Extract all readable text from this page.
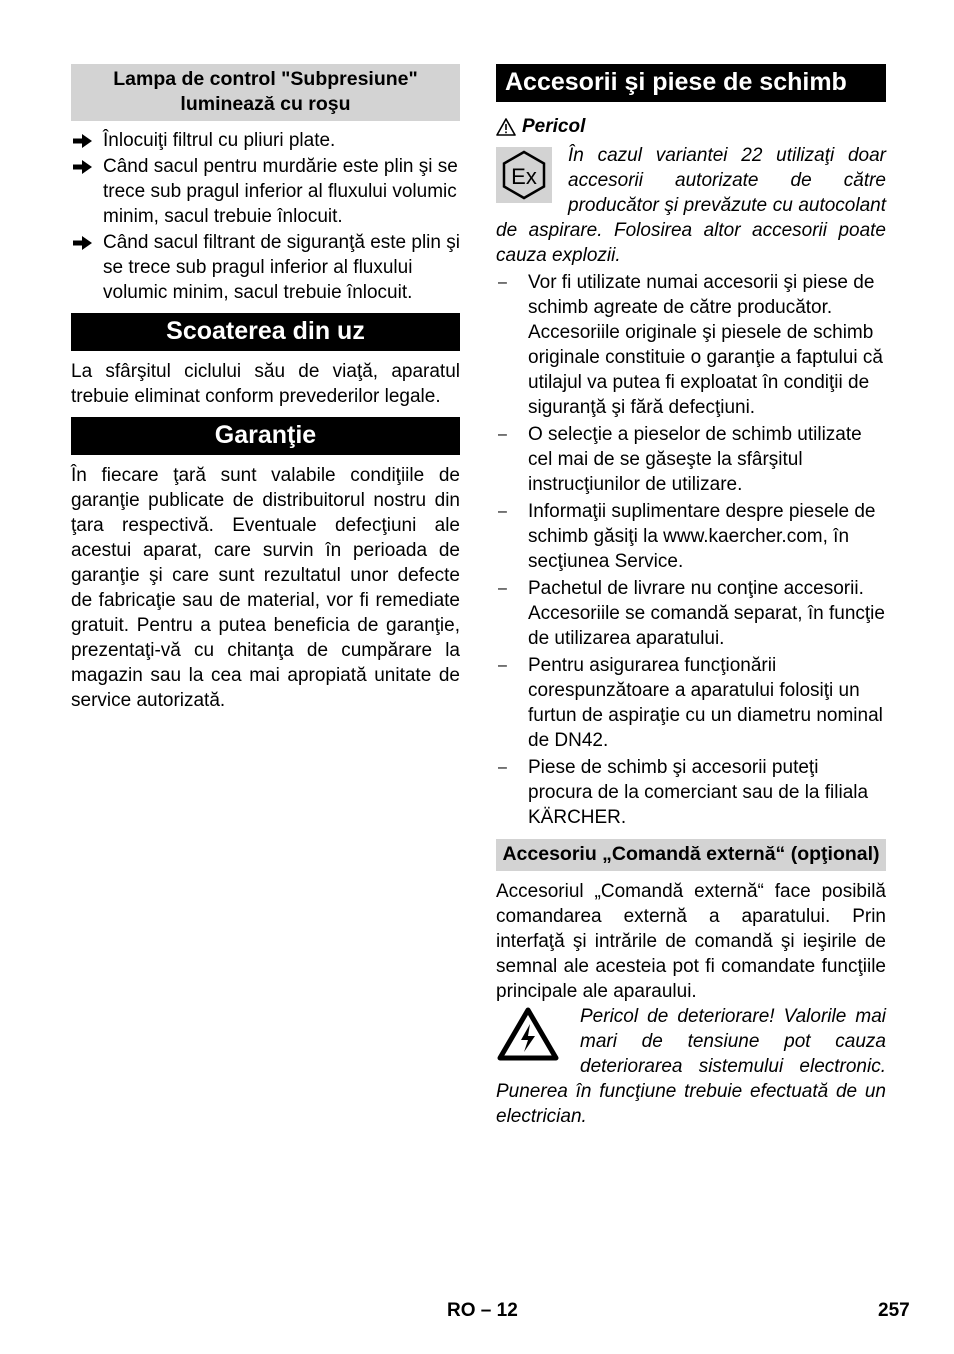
Lampa de control "Subpresiune" luminează cu roşu
Înlocuiţi filtrul cu pliuri plate.
Când sacul pentru murdărie este plin şi se trece sub pragul inferior al fluxului volumic minim, sacul trebuie înlocuit.
Când sacul filtrant de siguranţă este plin şi se trece sub pragul inferior al fluxului volumic minim, sacul trebuie înlocuit.
Scoaterea din uz

La sfârşitul ciclului său de viaţă, aparatul trebuie eliminat conform prevederilor legale.

Garanţie

În fiecare ţară sunt valabile condiţiile de garanţie publicate de distribuitorul nostru din ţara respectivă. Eventuale defecţiuni ale acestui aparat, care survin în perioada de garanţie şi care sunt rezultatul unor defecte de fabricaţie sau de material, vor fi remediate gratuit. Pentru a putea beneficia de garanţie, prezentaţi-vă cu chitanţa de cumpărare la magazin sau la cea mai apropiată unitate de service autorizată.

Accesorii şi piese de schimb
Pericol
Ex

În cazul variantei 22 utilizaţi doar accesorii autorizate de către producător şi prevăzute cu autocolant de aspirare. Folosirea altor accesorii poate cauza explozii.

– Vor fi utilizate numai accesorii şi piese de schimb agreate de către producător. Accesoriile originale şi piesele de schimb originale constituie o garanţie a faptului că utilajul va putea fi exploatat în condiţii de siguranţă şi fără defecţiuni.
– O selecţie a pieselor de schimb utilizate cel mai de se găseşte la sfârşitul instrucţiunilor de utilizare.
– Informaţii suplimentare despre piesele de schimb găsiţi la www.kaercher.com, în secţiunea Service.
– Pachetul de livrare nu conţine accesorii. Accesoriile se comandă separat, în funcţie de utilizarea aparatului.
– Pentru asigurarea funcţionării corespunzătoare a aparatului folosiţi un furtun de aspiraţie cu un diametru nominal de DN42.
– Piese de schimb şi accesorii puteţi procura de la comerciant sau de la filiala KÄRCHER.
Accesoriu „Comandă externă“ (opţional)

Accesoriul „Comandă externă“ face posibilă comandarea externă a aparatului. Prin interfaţă şi intrările de comandă şi ieşirile de semnal ale acesteia pot fi comandate funcţiile principale ale aparaului.

Pericol de deteriorare! Valorile mai mari de tensiune pot cauza deteriorarea sistemului electronic. Punerea în funcţiune trebuie efectuată de un electrician.

RO – 12	257
